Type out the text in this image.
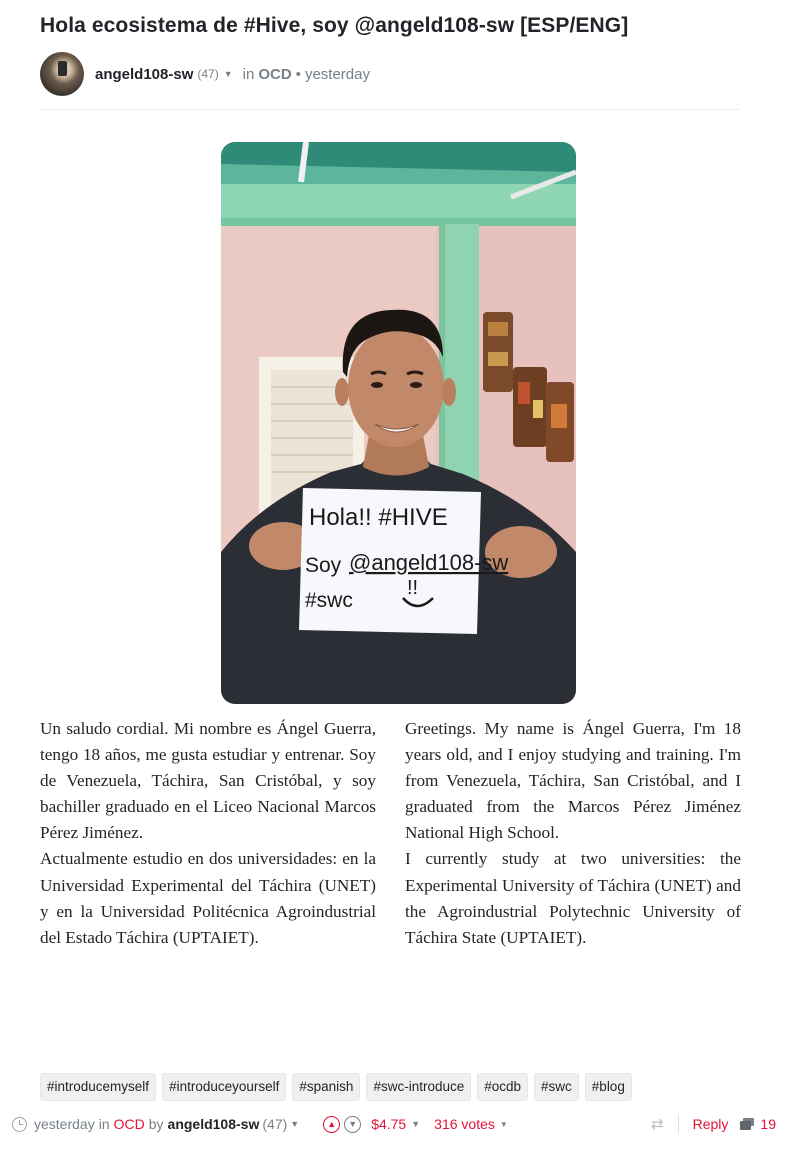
Hola ecosistema de #Hive, soy @angeld108-sw [ESP/ENG]
angeld108-sw (47) ▼ in OCD • yesterday
Hola!! #HIVE
Soy @angeld108-sw
#swc
!!

Un saludo cordial. Mi nombre es Ángel Guerra, tengo 18 años, me gusta estudiar y entrenar. Soy de Venezuela, Táchira, San Cristóbal, y soy bachiller graduado en el Liceo Nacional Marcos Pérez Jiménez.

Actualmente estudio en dos universidades: en la Universidad Experimental del Táchira (UNET) y en la Universidad Politécnica Agroindustrial del Estado Táchira (UPTAIET).

Greetings. My name is Ángel Guerra, I'm 18 years old, and I enjoy studying and training. I'm from Venezuela, Táchira, San Cristóbal, and I graduated from the Marcos Pérez Jiménez National High School.

I currently study at two universities: the Experimental University of Táchira (UNET) and the Agroindustrial Polytechnic University of Táchira State (UPTAIET).

#introducemyself	#introduceyourself	#spanish	#swc-introduce	#ocdb	#swc	#blog
yesterday in OCD by angeld108-sw (47) ▼	▲	▼ $4.75 ▼ 316 votes ▼	⇄ Reply 19
